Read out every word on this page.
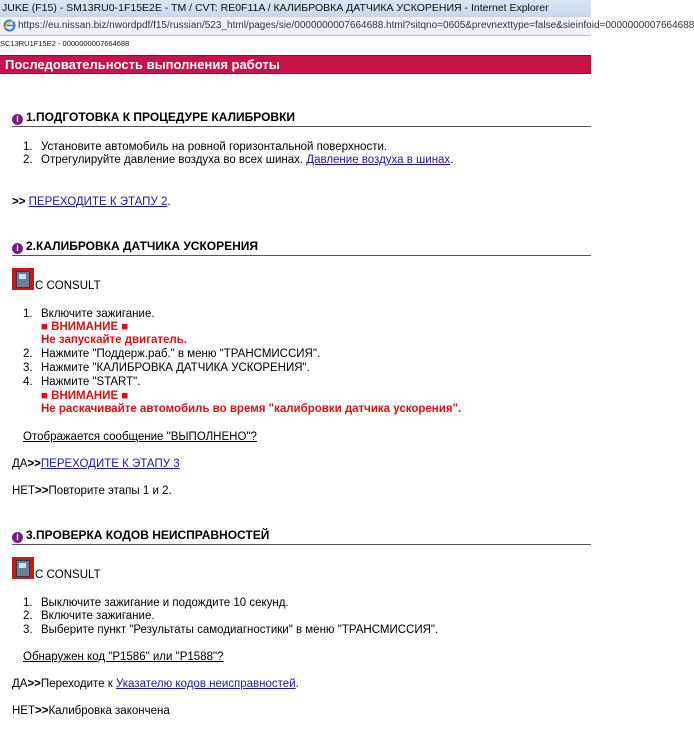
JUKE (F15) - SM13RU0-1F15E2E - TM / CVT: RE0F11A / КАЛИБРОВКА ДАТЧИКА УСКОРЕНИЯ - Internet Explorer
https://eu.nissan.biz/nwordpdf/f15/russian/523_html/pages/sie/0000000007664688.html?sitqno=0605&prevnexttype=false&sieinfoid=0000000007664688
SC13RU1F15E2 - 0000000007664688
Последовательность выполнения работы
i 1.ПОДГОТОВКА К ПРОЦЕДУРЕ КАЛИБРОВКИ
1. Установите автомобиль на ровной горизонтальной поверхности.
2. Отрегулируйте давление воздуха во всех шинах. Давление воздуха в шинах.
>> ПЕРЕХОДИТЕ К ЭТАПУ 2.
i 2.КАЛИБРОВКА ДАТЧИКА УСКОРЕНИЯ
С CONSULT
1. Включите зажигание.
■ ВНИМАНИЕ ■
Не запускайте двигатель.
2. Нажмите "Поддерж.раб." в меню "ТРАНСМИССИЯ".
3. Нажмите "КАЛИБРОВКА ДАТЧИКА УСКОРЕНИЯ".
4. Нажмите "START".
■ ВНИМАНИЕ ■
Не раскачивайте автомобиль во время "калибровки датчика ускорения".
Отображается сообщение "ВЫПОЛНЕНО"?
ДА>>ПЕРЕХОДИТЕ К ЭТАПУ 3
НЕТ>>Повторите этапы 1 и 2.
i 3.ПРОВЕРКА КОДОВ НЕИСПРАВНОСТЕЙ
С CONSULT
1. Выключите зажигание и подождите 10 секунд.
2. Включите зажигание.
3. Выберите пункт "Результаты самодиагностики" в меню "ТРАНСМИССИЯ".
Обнаружен код "P1586" или "P1588"?
ДА>>Переходите к Указателю кодов неисправностей.
НЕТ>>Калибровка закончена
